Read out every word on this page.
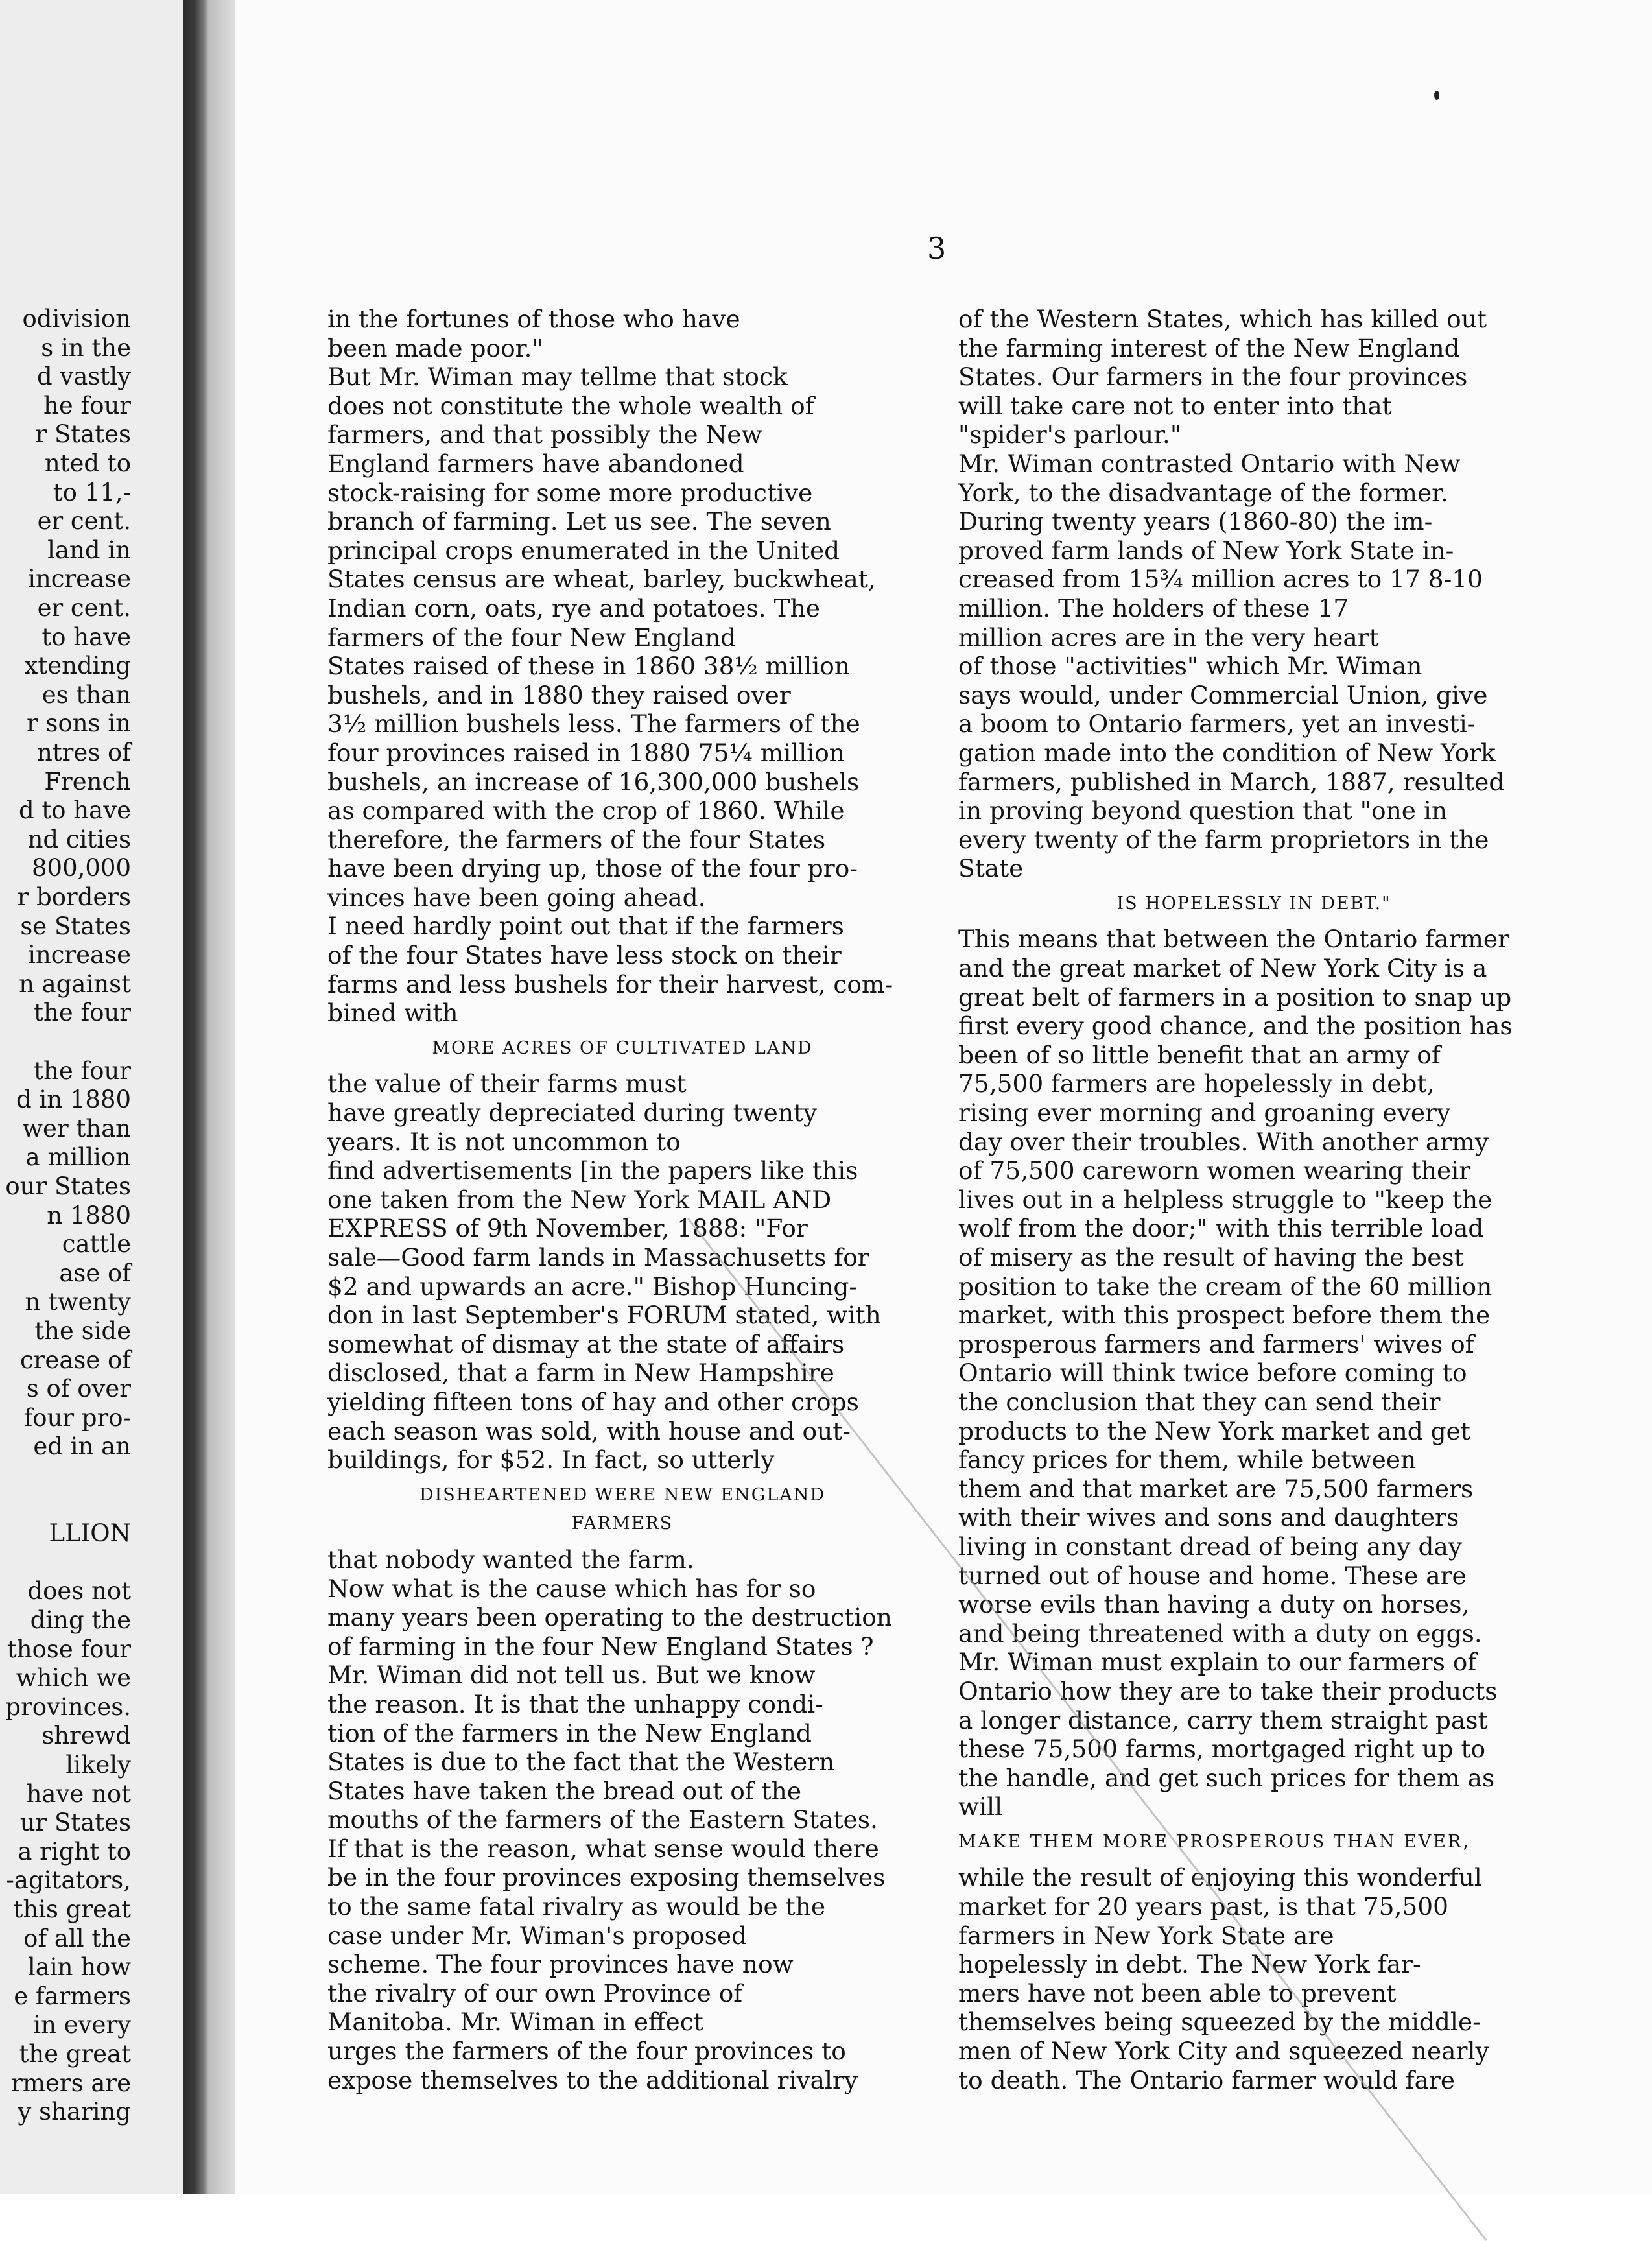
odivision
s in the
d vastly
he four
r States
nted to
to 11,-
er cent.
land in
increase
er cent.
to have
xtending
es than
r sons in
ntres of
French
d to have
nd cities
800,000
r borders
se States
increase
n against
the four
the four
d in 1880
wer than
a million
our States
n 1880
cattle
ase of
n twenty
the side
crease of
s of over
four pro-
ed in an
LLION
does not
ding the
those four
which we
provinces.
shrewd
likely
have not
ur States
a right to
-agitators,
this great
of all the
lain how
e farmers
in every
the great
rmers are
y sharing
3

in the fortunes of those who have
been made poor."
But Mr. Wiman may tellme that stock
does not constitute the whole wealth of
farmers, and that possibly the New
England farmers have abandoned
stock-raising for some more productive
branch of farming. Let us see. The seven
principal crops enumerated in the United
States census are wheat, barley, buckwheat,
Indian corn, oats, rye and potatoes. The
farmers of the four New England
States raised of these in 1860 38½ million
bushels, and in 1880 they raised over
3½ million bushels less. The farmers of the
four provinces raised in 1880 75¼ million
bushels, an increase of 16,300,000 bushels
as compared with the crop of 1860. While
therefore, the farmers of the four States
have been drying up, those of the four pro-
vinces have been going ahead.
I need hardly point out that if the farmers
of the four States have less stock on their
farms and less bushels for their harvest, com-
bined with

MORE ACRES OF CULTIVATED LAND

the value of their farms must
have greatly depreciated during twenty
years. It is not uncommon to
find advertisements [in the papers like this
one taken from the New York MAIL AND
EXPRESS of 9th November, 1888: "For
sale—Good farm lands in Massachusetts for
$2 and upwards an acre." Bishop Huncing-
don in last September's FORUM stated, with
somewhat of dismay at the state of affairs
disclosed, that a farm in New Hampshire
yielding fifteen tons of hay and other crops
each season was sold, with house and out-
buildings, for $52. In fact, so utterly

DISHEARTENED WERE NEW ENGLAND
FARMERS

that nobody wanted the farm.
Now what is the cause which has for so
many years been operating to the destruction
of farming in the four New England States ?
Mr. Wiman did not tell us. But we know
the reason. It is that the unhappy condi-
tion of the farmers in the New England
States is due to the fact that the Western
States have taken the bread out of the
mouths of the farmers of the Eastern States.
If that is the reason, what sense would there
be in the four provinces exposing themselves
to the same fatal rivalry as would be the
case under Mr. Wiman's proposed
scheme. The four provinces have now
the rivalry of our own Province of
Manitoba. Mr. Wiman in effect
urges the farmers of the four provinces to
expose themselves to the additional rivalry

of the Western States, which has killed out
the farming interest of the New England
States. Our farmers in the four provinces
will take care not to enter into that
"spider's parlour."
Mr. Wiman contrasted Ontario with New
York, to the disadvantage of the former.
During twenty years (1860-80) the im-
proved farm lands of New York State in-
creased from 15¾ million acres to 17 8-10
million. The holders of these 17
million acres are in the very heart
of those "activities" which Mr. Wiman
says would, under Commercial Union, give
a boom to Ontario farmers, yet an investi-
gation made into the condition of New York
farmers, published in March, 1887, resulted
in proving beyond question that "one in
every twenty of the farm proprietors in the
State

IS HOPELESSLY IN DEBT."

This means that between the Ontario farmer
and the great market of New York City is a
great belt of farmers in a position to snap up
first every good chance, and the position has
been of so little benefit that an army of
75,500 farmers are hopelessly in debt,
rising ever morning and groaning every
day over their troubles. With another army
of 75,500 careworn women wearing their
lives out in a helpless struggle to "keep the
wolf from the door;" with this terrible load
of misery as the result of having the best
position to take the cream of the 60 million
market, with this prospect before them the
prosperous farmers and farmers' wives of
Ontario will think twice before coming to
the conclusion that they can send their
products to the New York market and get
fancy prices for them, while between
them and that market are 75,500 farmers
with their wives and sons and daughters
living in constant dread of being any day
turned out of house and home. These are
worse evils than having a duty on horses,
and being threatened with a duty on eggs.
Mr. Wiman must explain to our farmers of
Ontario how they are to take their products
a longer distance, carry them straight past
these 75,500 farms, mortgaged right up to
the handle, and get such prices for them as
will

MAKE THEM MORE PROSPEROUS THAN EVER,

while the result of enjoying this wonderful
market for 20 years past, is that 75,500
farmers in New York State are
hopelessly in debt. The New York far-
mers have not been able to prevent
themselves being squeezed by the middle-
men of New York City and squeezed nearly
to death. The Ontario farmer fare
